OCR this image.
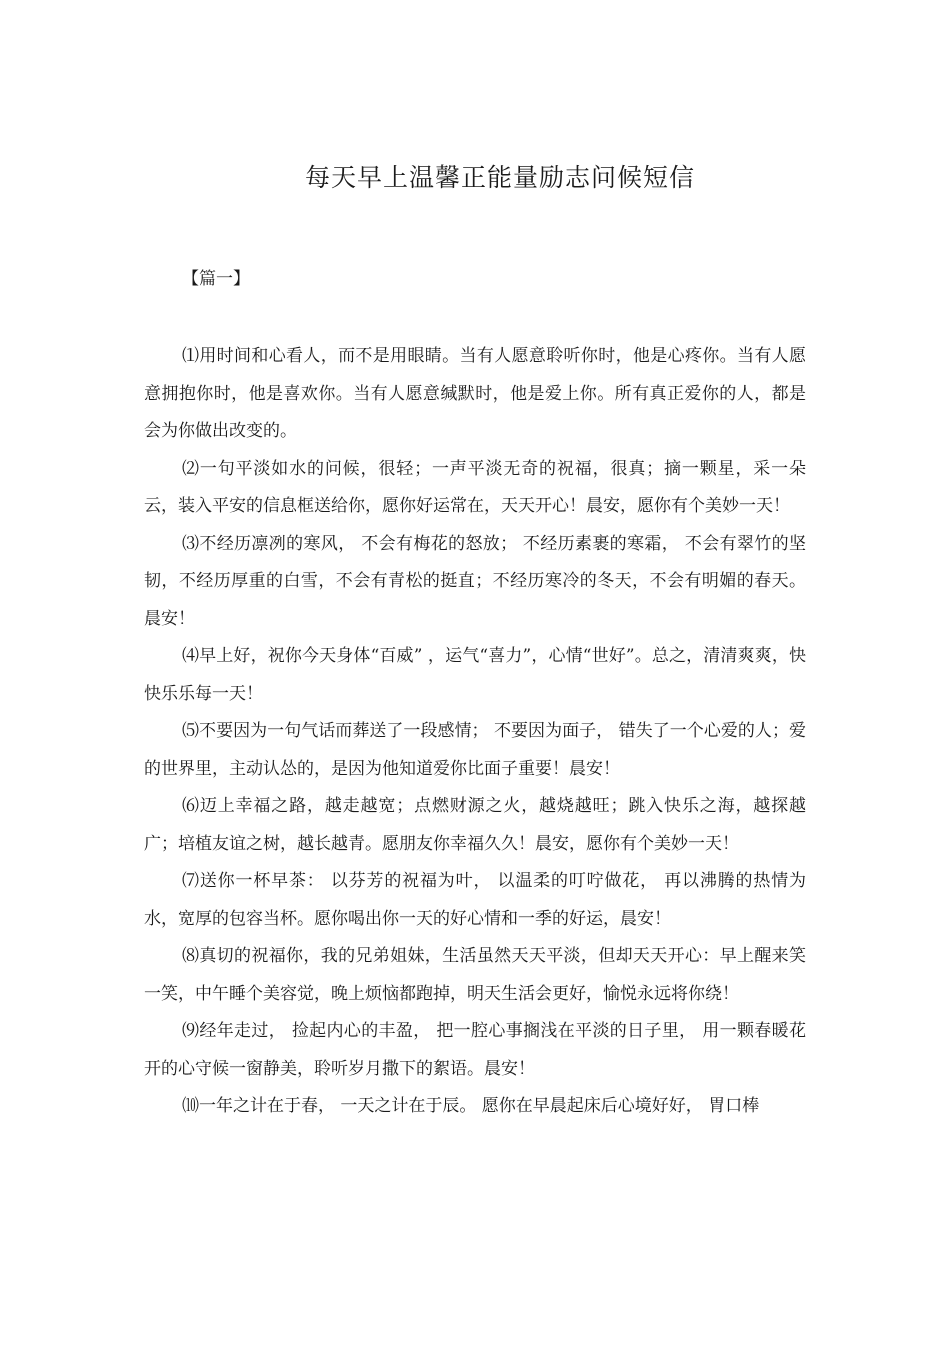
每天早上温馨正能量励志问候短信
【篇一】

⑴用时间和心看人，而不是用眼睛。当有人愿意聆听你时，他是心疼你。当有人愿意拥抱你时，他是喜欢你。当有人愿意缄默时，他是爱上你。所有真正爱你的人，都是会为你做出改变的。

⑵一句平淡如水的问候，很轻；一声平淡无奇的祝福，很真；摘一颗星，采一朵云，装入平安的信息框送给你，愿你好运常在，天天开心！晨安，愿你有个美妙一天！

⑶不经历凛冽的寒风， 不会有梅花的怒放； 不经历素裹的寒霜， 不会有翠竹的坚韧，不经历厚重的白雪，不会有青松的挺直；不经历寒冷的冬天，不会有明媚的春天。晨安！

⑷早上好，祝你今天身体“百威” ，运气“喜力”，心情“世好”。总之，清清爽爽，快快乐乐每一天！

⑸不要因为一句气话而葬送了一段感情； 不要因为面子， 错失了一个心爱的人；爱的世界里，主动认怂的，是因为他知道爱你比面子重要！晨安！

⑹迈上幸福之路，越走越宽；点燃财源之火，越烧越旺；跳入快乐之海，越探越广；培植友谊之树，越长越青。愿朋友你幸福久久！晨安，愿你有个美妙一天！

⑺送你一杯早茶： 以芬芳的祝福为叶， 以温柔的叮咛做花， 再以沸腾的热情为水，宽厚的包容当杯。愿你喝出你一天的好心情和一季的好运，晨安！

⑻真切的祝福你，我的兄弟姐妹，生活虽然天天平淡，但却天天开心：早上醒来笑一笑，中午睡个美容觉，晚上烦恼都跑掉，明天生活会更好，愉悦永远将你绕！

⑼经年走过， 捡起内心的丰盈， 把一腔心事搁浅在平淡的日子里， 用一颗春暖花开的心守候一窗静美，聆听岁月撒下的絮语。晨安！

⑽一年之计在于春， 一天之计在于辰。 愿你在早晨起床后心境好好， 胃口棒
